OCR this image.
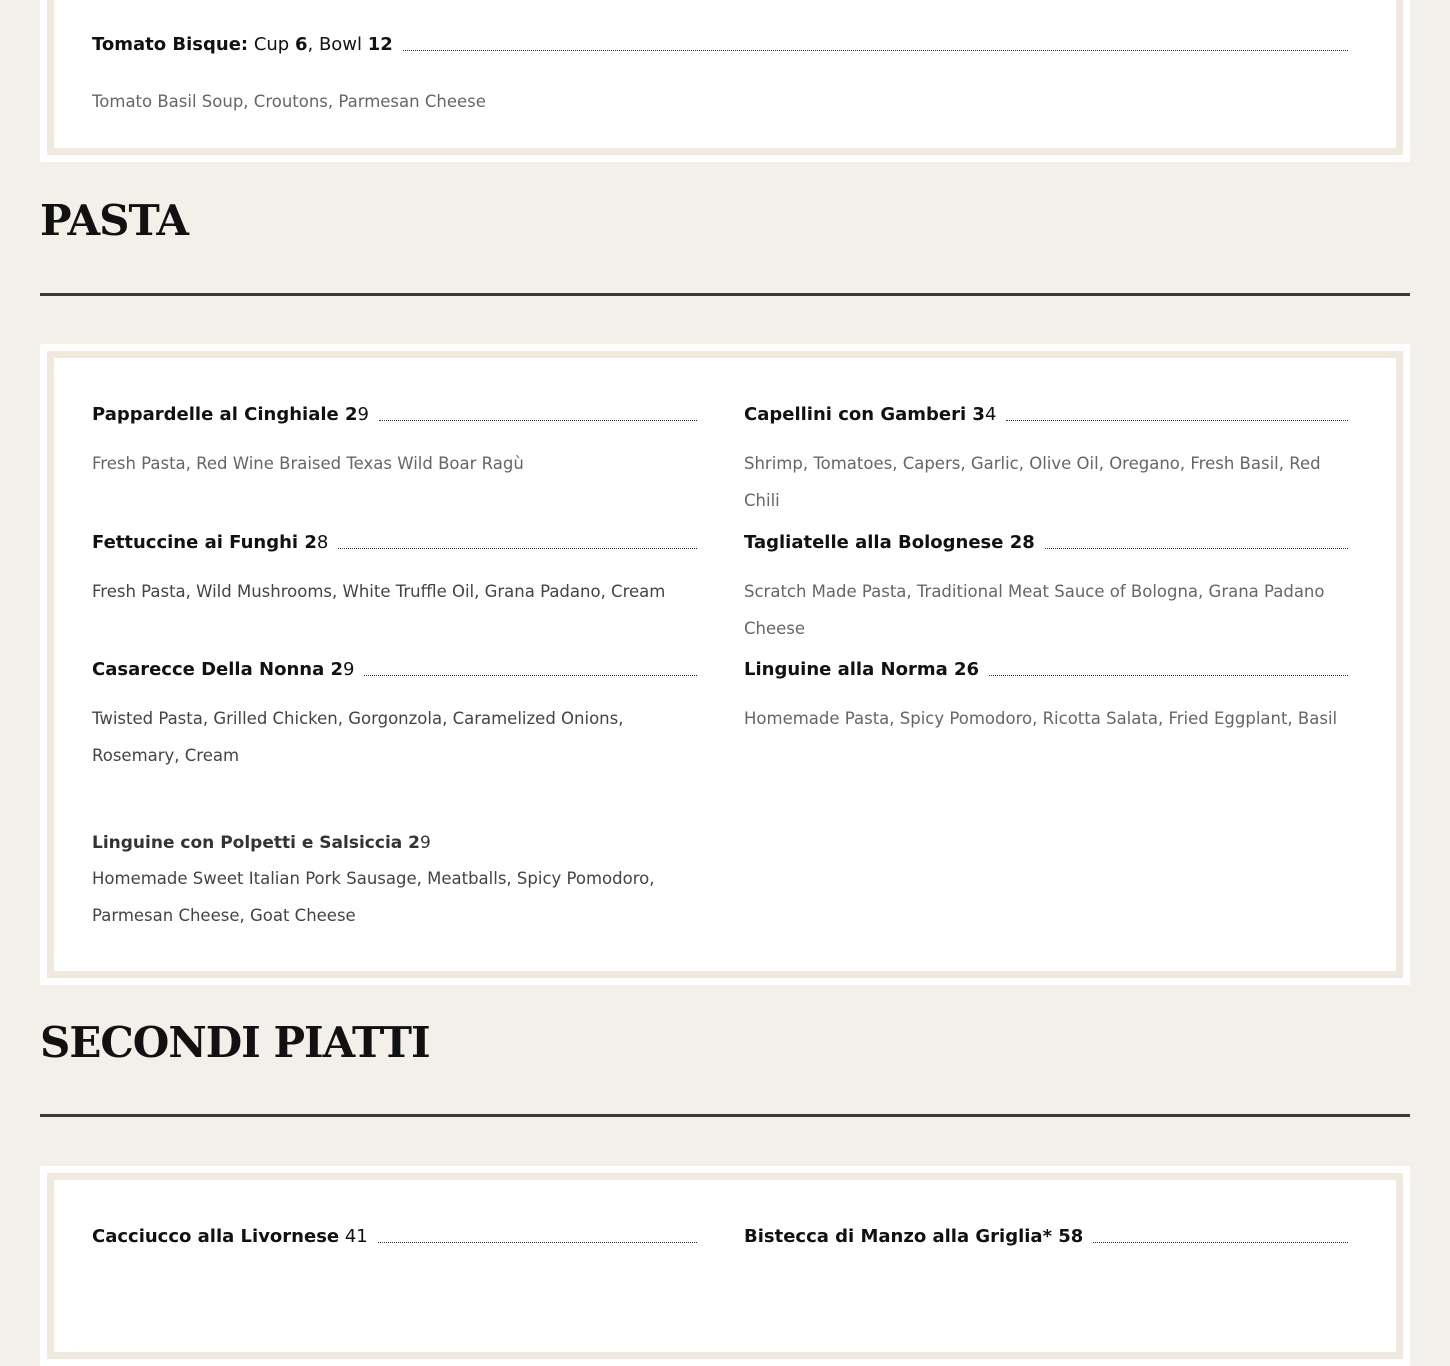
Tomato Bisque: Cup 6 , Bowl 12
Tomato Basil Soup, Croutons, Parmesan Cheese
PASTA
Pappardelle al Cinghiale 2 9
Fresh Pasta, Red Wine Braised Texas Wild Boar Ragù
Capellini con Gamberi 3 4
Shrimp, Tomatoes, Capers, Garlic, Olive Oil, Oregano, Fresh Basil, Red Chili
Fettuccine ai Funghi 2 8
Fresh Pasta, Wild Mushrooms, White Truffle Oil, Grana Padano, Cream
Tagliatelle alla Bolognese 28
Scratch Made Pasta, Traditional Meat Sauce of Bologna, Grana Padano Cheese
Casarecce Della Nonna 2 9
Twisted Pasta, Grilled Chicken, Gorgonzola, Caramelized Onions, Rosemary, Cream
Linguine alla Norma 26
Homemade Pasta, Spicy Pomodoro, Ricotta Salata, Fried Eggplant, Basil
Linguine con Polpetti e Salsiccia 2 9
Homemade Sweet Italian Pork Sausage, Meatballs, Spicy Pomodoro, Parmesan Cheese, Goat Cheese
SECONDI PIATTI
Cacciucco alla Livornese 41	Bistecca di Manzo alla Griglia* 58
